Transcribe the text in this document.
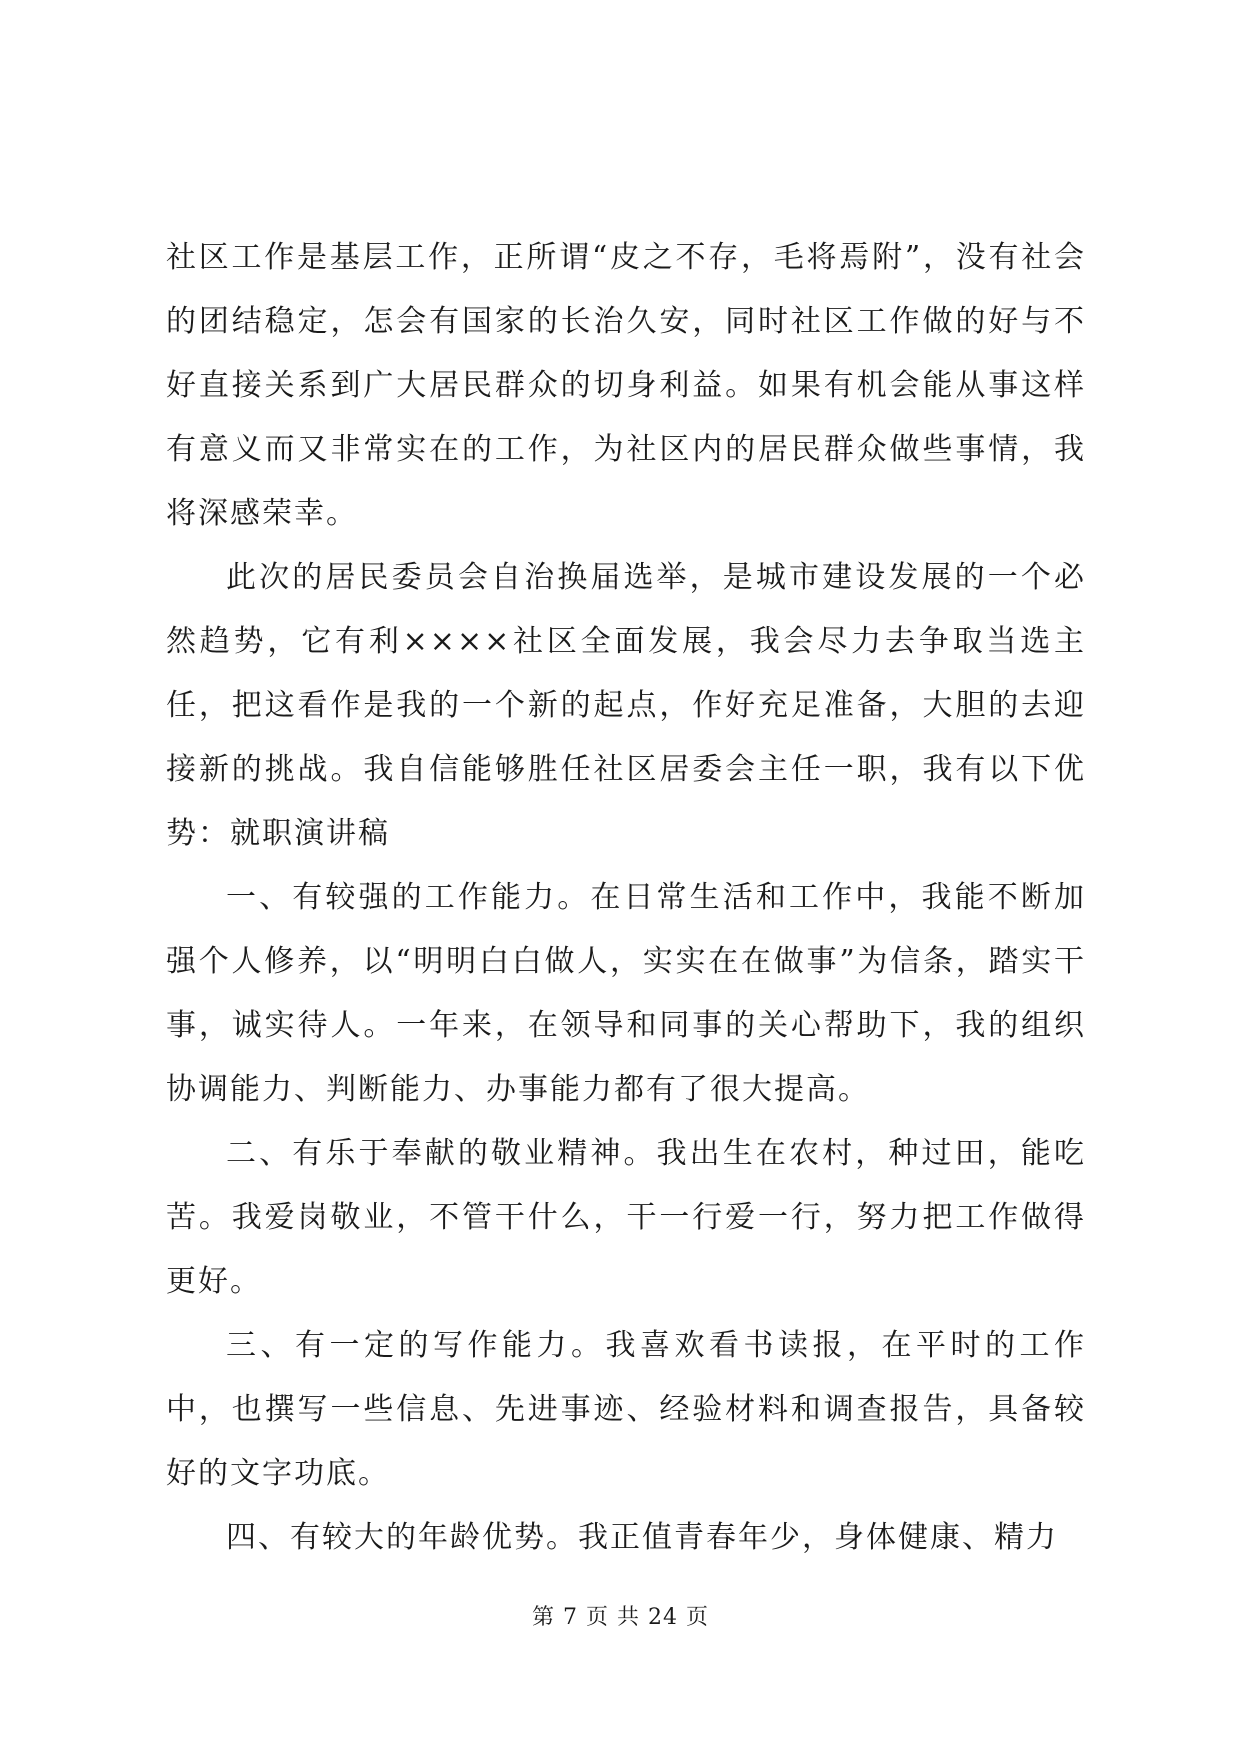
社区工作是基层工作，正所谓“皮之不存，毛将焉附”，没有社会的团结稳定，怎会有国家的长治久安，同时社区工作做的好与不好直接关系到广大居民群众的切身利益。如果有机会能从事这样有意义而又非常实在的工作，为社区内的居民群众做些事情，我将深感荣幸。

此次的居民委员会自治换届选举，是城市建设发展的一个必然趋势，它有利××××社区全面发展，我会尽力去争取当选主任，把这看作是我的一个新的起点，作好充足准备，大胆的去迎接新的挑战。我自信能够胜任社区居委会主任一职，我有以下优势：就职演讲稿

一、有较强的工作能力。在日常生活和工作中，我能不断加强个人修养，以“明明白白做人，实实在在做事”为信条，踏实干事，诚实待人。一年来，在领导和同事的关心帮助下，我的组织协调能力、判断能力、办事能力都有了很大提高。

二、有乐于奉献的敬业精神。我出生在农村，种过田，能吃苦。我爱岗敬业，不管干什么，干一行爱一行，努力把工作做得更好。

三、有一定的写作能力。我喜欢看书读报，在平时的工作中，也撰写一些信息、先进事迹、经验材料和调查报告，具备较好的文字功底。

四、有较大的年龄优势。我正值青春年少，身体健康、精力

第 7 页 共 24 页
